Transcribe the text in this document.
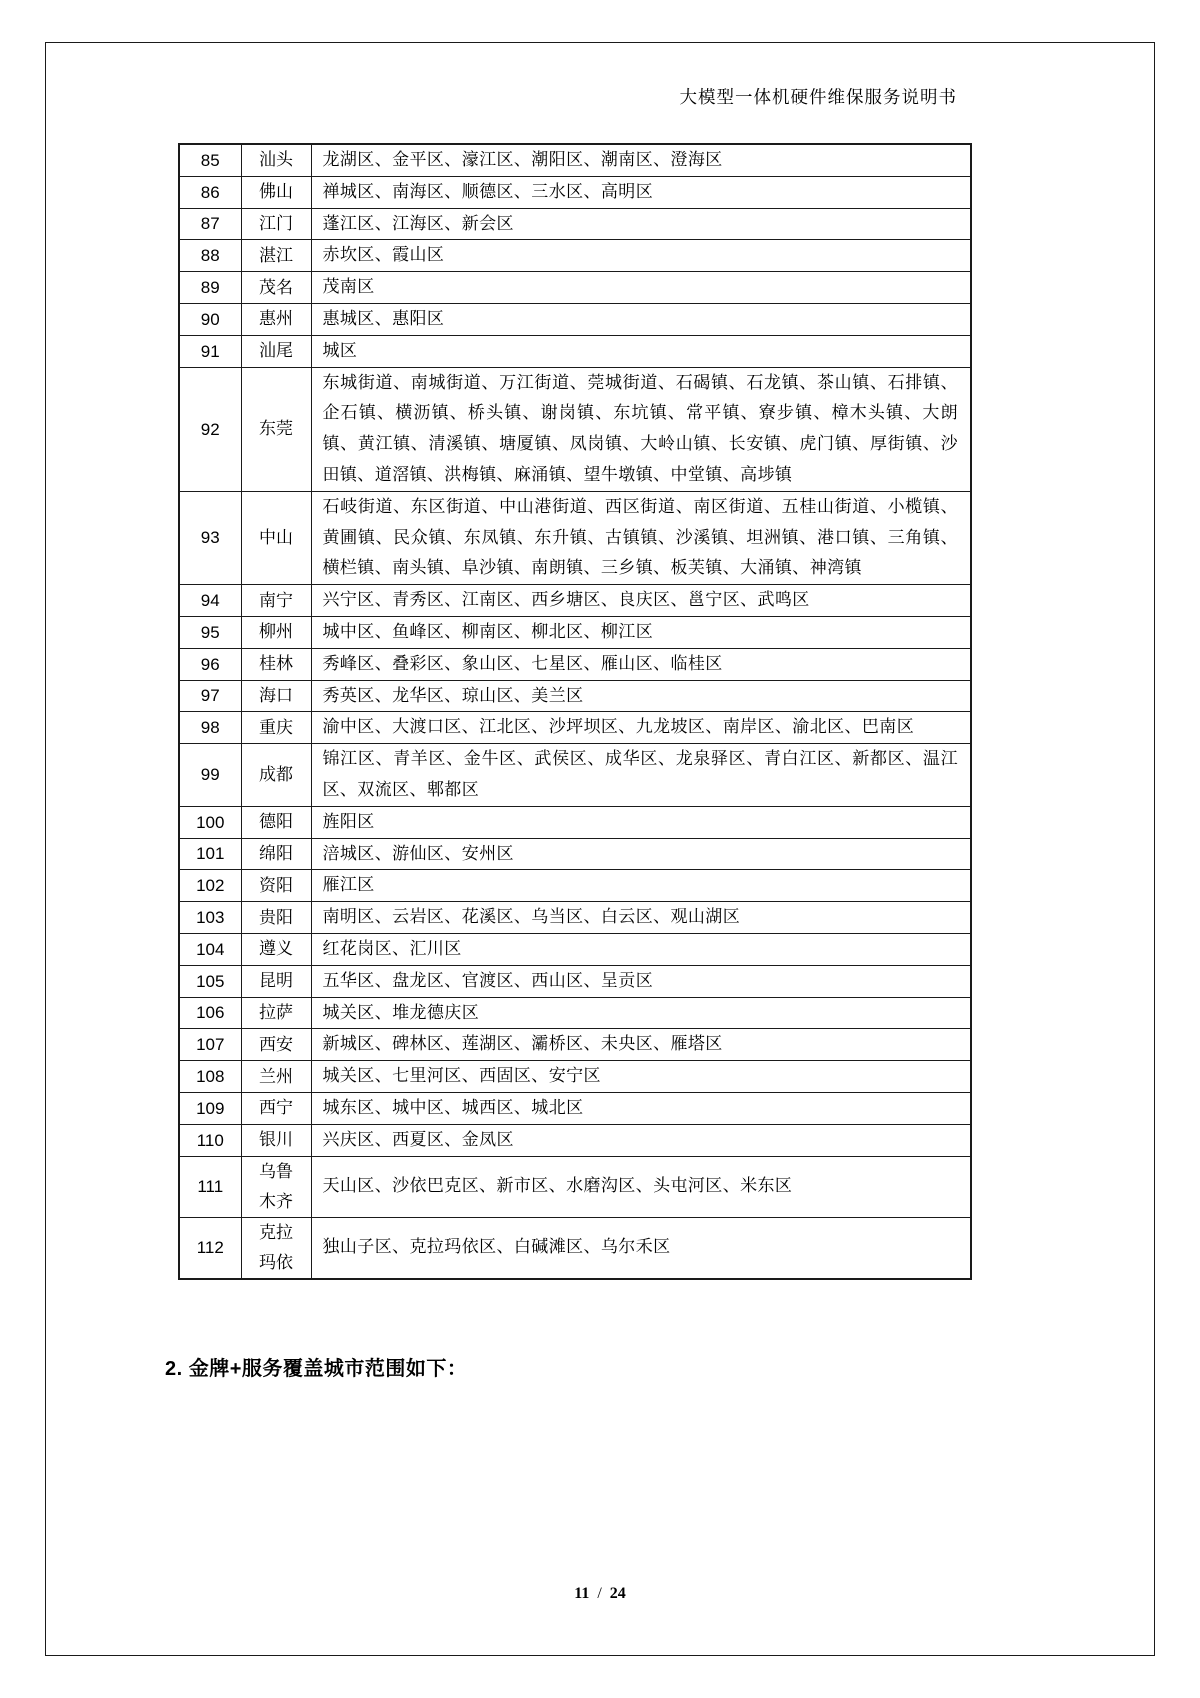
大模型一体机硬件维保服务说明书
85	汕头	龙湖区、金平区、濠江区、潮阳区、潮南区、澄海区
86	佛山	禅城区、南海区、顺德区、三水区、高明区
87	江门	蓬江区、江海区、新会区
88	湛江	赤坎区、霞山区
89	茂名	茂南区
90	惠州	惠城区、惠阳区
91	汕尾	城区
92	东莞	东城街道、南城街道、万江街道、莞城街道、石碣镇、石龙镇、茶山镇、石排镇、企石镇、横沥镇、桥头镇、谢岗镇、东坑镇、常平镇、寮步镇、樟木头镇、大朗镇、黄江镇、清溪镇、塘厦镇、凤岗镇、大岭山镇、长安镇、虎门镇、厚街镇、沙田镇、道滘镇、洪梅镇、麻涌镇、望牛墩镇、中堂镇、高埗镇
93	中山	石岐街道、东区街道、中山港街道、西区街道、南区街道、五桂山街道、小榄镇、黄圃镇、民众镇、东凤镇、东升镇、古镇镇、沙溪镇、坦洲镇、港口镇、三角镇、横栏镇、南头镇、阜沙镇、南朗镇、三乡镇、板芙镇、大涌镇、神湾镇
94	南宁	兴宁区、青秀区、江南区、西乡塘区、良庆区、邕宁区、武鸣区
95	柳州	城中区、鱼峰区、柳南区、柳北区、柳江区
96	桂林	秀峰区、叠彩区、象山区、七星区、雁山区、临桂区
97	海口	秀英区、龙华区、琼山区、美兰区
98	重庆	渝中区、大渡口区、江北区、沙坪坝区、九龙坡区、南岸区、渝北区、巴南区
99	成都	锦江区、青羊区、金牛区、武侯区、成华区、龙泉驿区、青白江区、新都区、温江区、双流区、郫都区
100	德阳	旌阳区
101	绵阳	涪城区、游仙区、安州区
102	资阳	雁江区
103	贵阳	南明区、云岩区、花溪区、乌当区、白云区、观山湖区
104	遵义	红花岗区、汇川区
105	昆明	五华区、盘龙区、官渡区、西山区、呈贡区
106	拉萨	城关区、堆龙德庆区
107	西安	新城区、碑林区、莲湖区、灞桥区、未央区、雁塔区
108	兰州	城关区、七里河区、西固区、安宁区
109	西宁	城东区、城中区、城西区、城北区
110	银川	兴庆区、西夏区、金凤区
111	乌鲁木齐	天山区、沙依巴克区、新市区、水磨沟区、头屯河区、米东区
112	克拉玛依	独山子区、克拉玛依区、白碱滩区、乌尔禾区
2. 金牌+服务覆盖城市范围如下：
11 / 24
